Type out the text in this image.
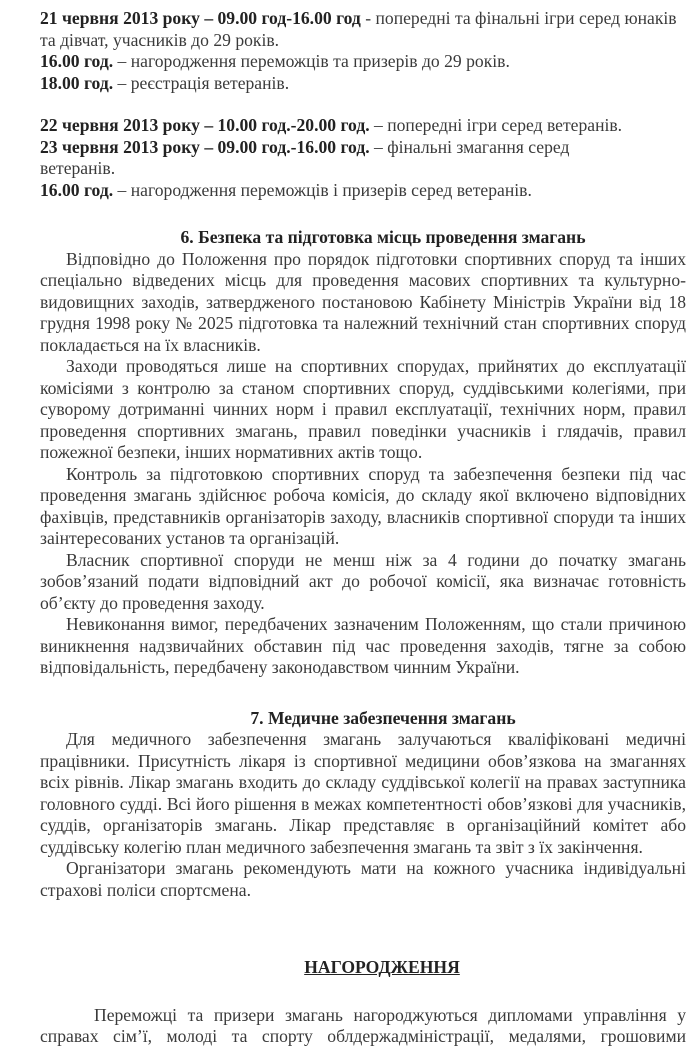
21 червня 2013 року – 09.00 год-16.00 год - попередні та фінальні ігри серед юнаків та дівчат, учасників до 29 років.
16.00 год. – нагородження переможців та призерів до 29 років.
18.00 год. – реєстрація ветеранів.
22 червня 2013 року – 10.00 год.-20.00 год. – попередні ігри серед ветеранів.
23 червня 2013 року – 09.00 год.-16.00 год. – фінальні змагання серед ветеранів.
16.00 год. – нагородження переможців і призерів серед ветеранів.
6. Безпека та підготовка місць проведення змагань

Відповідно до Положення про порядок підготовки спортивних споруд та інших спеціально відведених місць для проведення масових спортивних та культурно-видовищних заходів, затвердженого постановою Кабінету Міністрів України від 18 грудня 1998 року № 2025 підготовка та належний технічний стан спортивних споруд покладається на їх власників.

Заходи проводяться лише на спортивних спорудах, прийнятих до експлуатації комісіями з контролю за станом спортивних споруд, суддівськими колегіями, при суворому дотриманні чинних норм і правил експлуатації, технічних норм, правил проведення спортивних змагань, правил поведінки учасників і глядачів, правил пожежної безпеки, інших нормативних актів тощо.

Контроль за підготовкою спортивних споруд та забезпечення безпеки під час проведення змагань здійснює робоча комісія, до складу якої включено відповідних фахівців, представників організаторів заходу, власників спортивної споруди та інших заінтересованих установ та організацій.

Власник спортивної споруди не менш ніж за 4 години до початку змагань зобов’язаний подати відповідний акт до робочої комісії, яка визначає готовність об’єкту до проведення заходу.

Невиконання вимог, передбачених зазначеним Положенням, що стали причиною виникнення надзвичайних обставин під час проведення заходів, тягне за собою відповідальність, передбачену законодавством чинним України.

7. Медичне забезпечення змагань

Для медичного забезпечення змагань залучаються кваліфіковані медичні працівники. Присутність лікаря із спортивної медицини обов’язкова на змаганнях всіх рівнів. Лікар змагань входить до складу суддівської колегії на правах заступника головного судді. Всі його рішення в межах компетентності обов’язкові для учасників, суддів, організаторів змагань. Лікар представляє в організаційний комітет або суддівську колегію план медичного забезпечення змагань та звіт з їх закінчення.

Організатори змагань рекомендують мати на кожного учасника індивідуальні страхові поліси спортсмена.

НАГОРОДЖЕННЯ

Переможці та призери змагань нагороджуються дипломами управління у справах сім’ї, молоді та спорту облдержадміністрації, медалями, грошовими
